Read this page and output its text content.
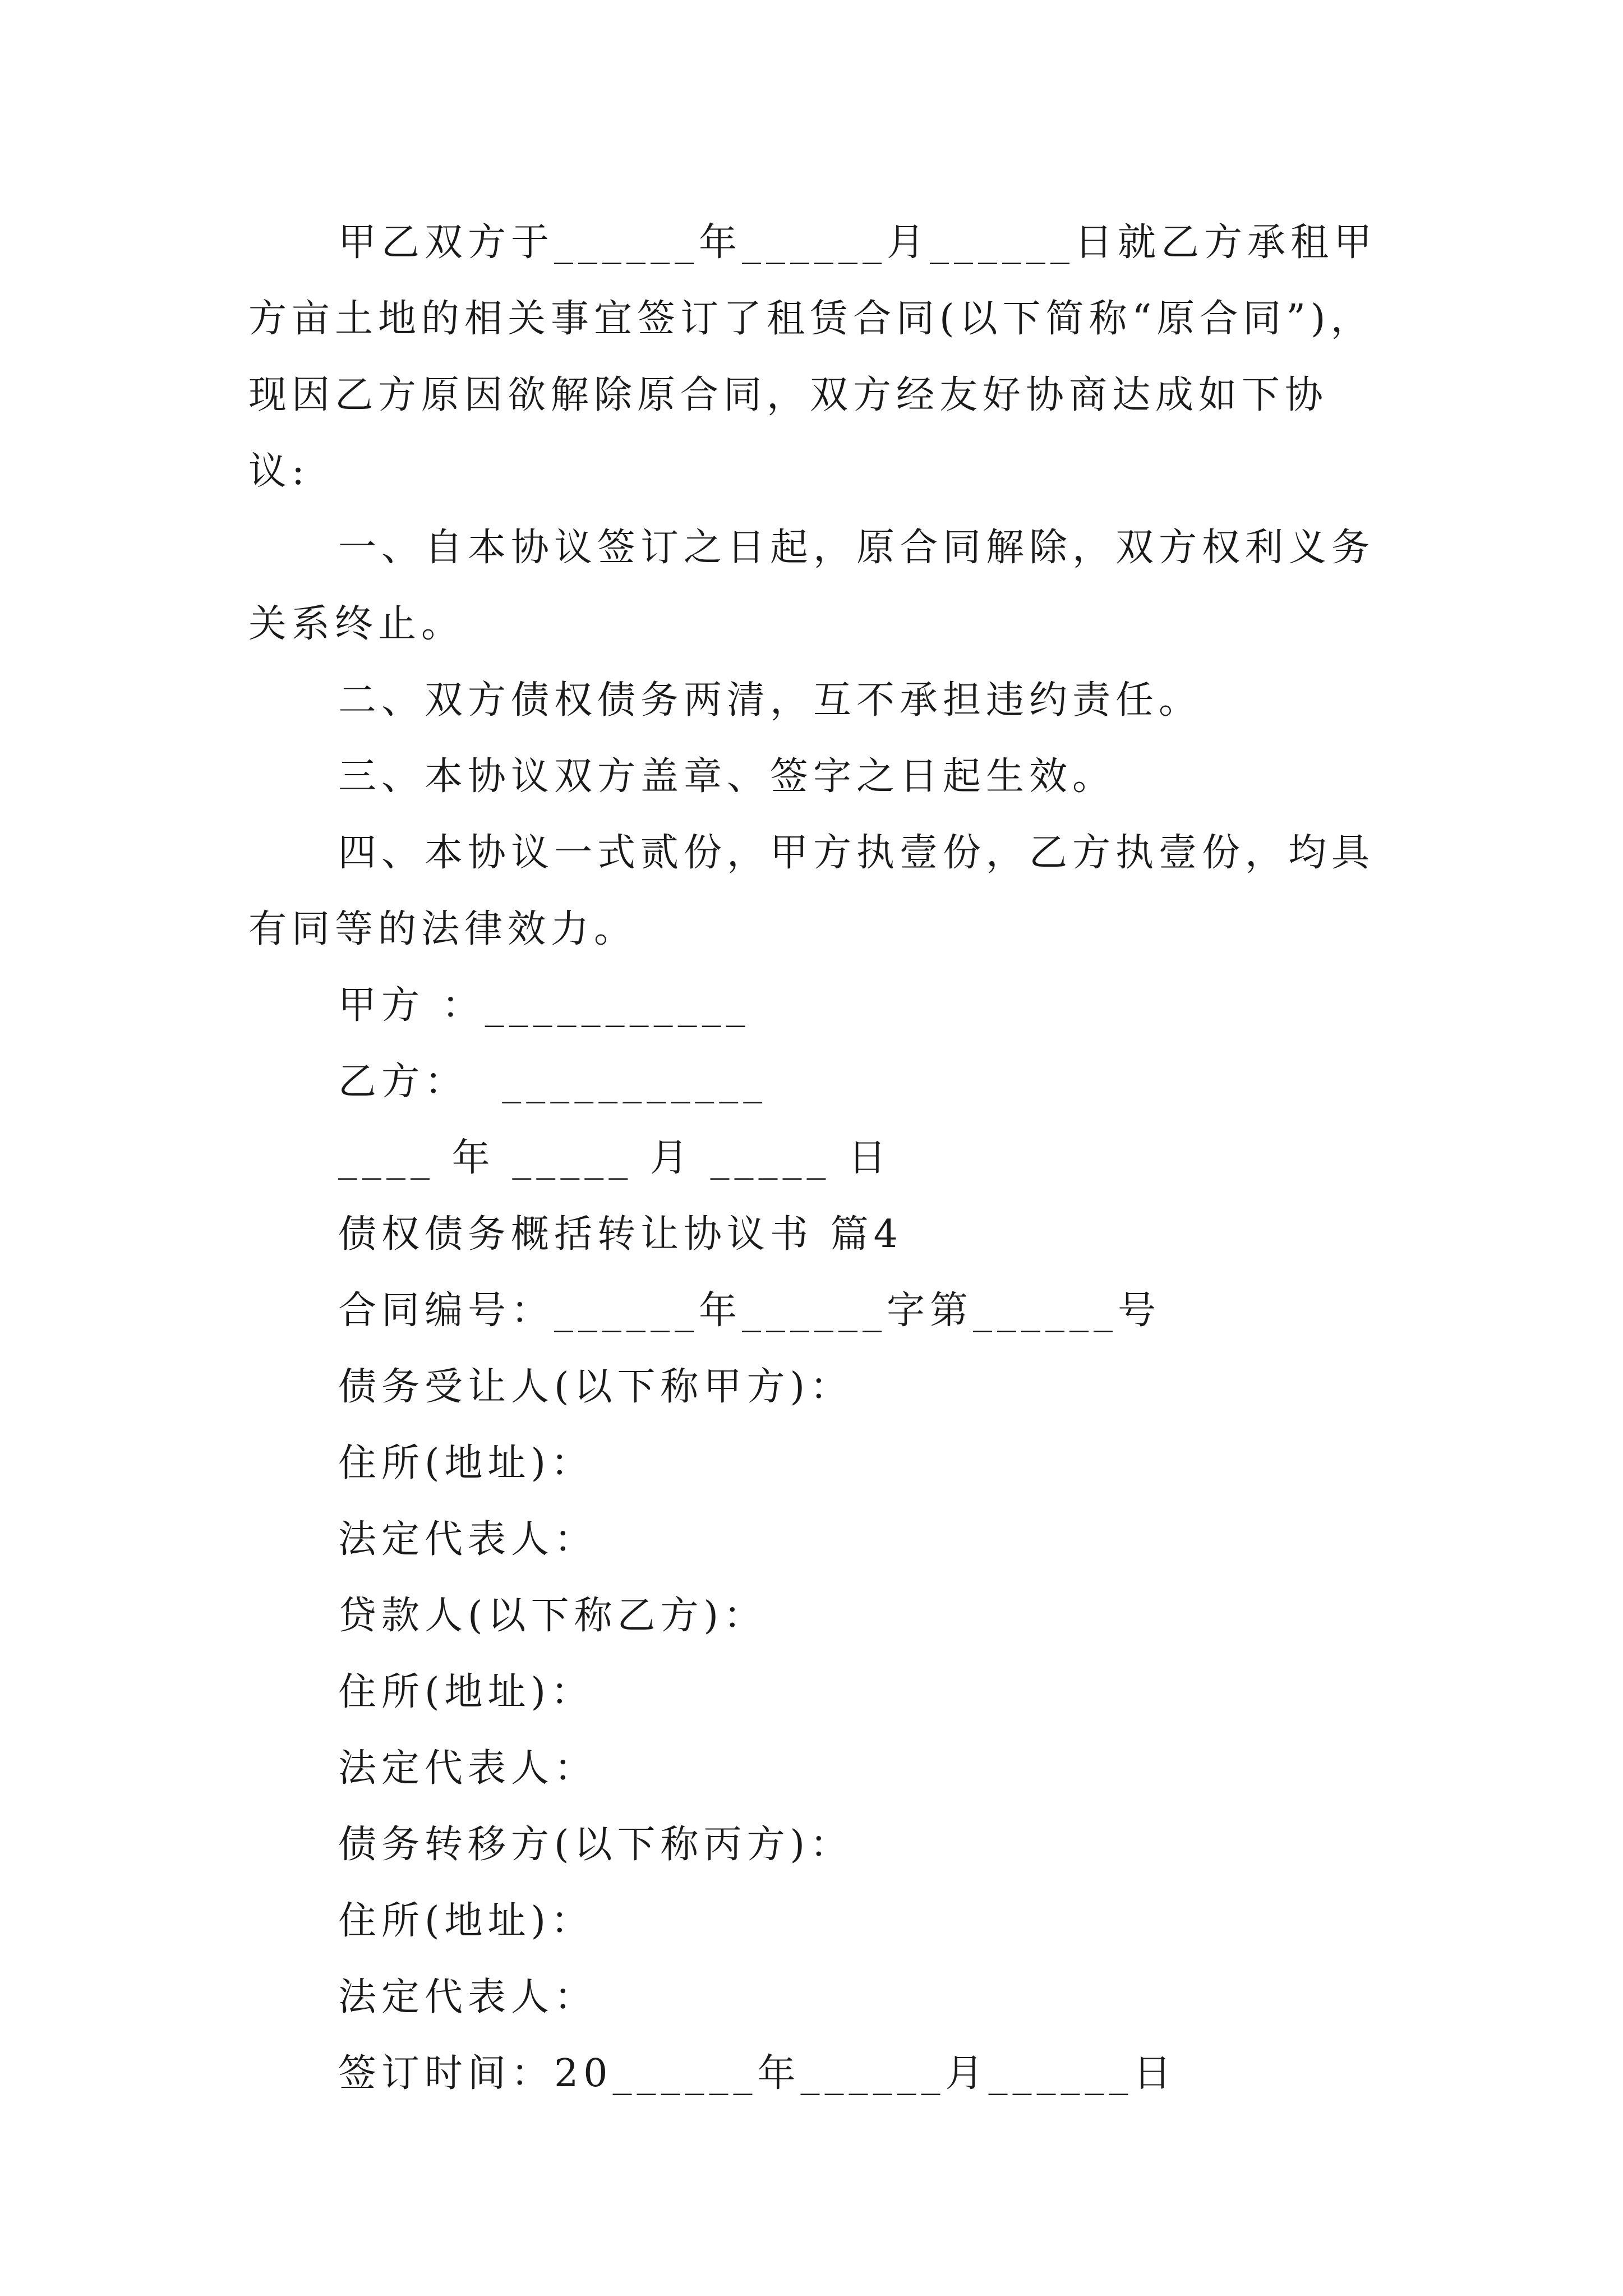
甲乙双方于______年______月______日就乙方承租甲方亩土地的相关事宜签订了租赁合同(以下简称“原合同”)，现因乙方原因欲解除原合同，双方经友好协商达成如下协议:

一、自本协议签订之日起，原合同解除，双方权利义务关系终止。

二、双方债权债务两清，互不承担违约责任。

三、本协议双方盖章、签字之日起生效。

四、本协议一式贰份，甲方执壹份，乙方执壹份，均具有同等的法律效力。

甲方 ：___________

乙方：  ___________

____ 年 _____ 月 _____ 日

债权债务概括转让协议书 篇4

合同编号：______年______字第______号

债务受让人(以下称甲方)：

住所(地址)：

法定代表人：

贷款人(以下称乙方)：

住所(地址)：

法定代表人：

债务转移方(以下称丙方)：

住所(地址)：

法定代表人：

签订时间：20______年______月______日
